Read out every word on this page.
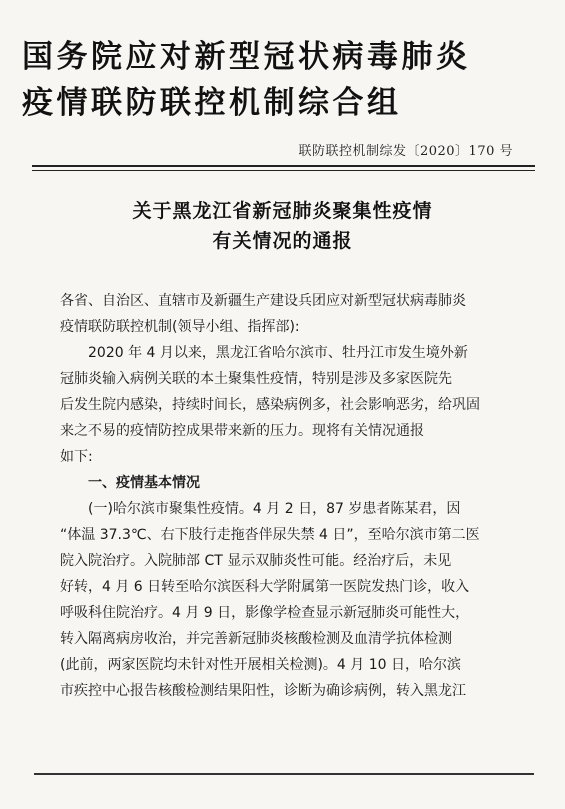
国务院应对新型冠状病毒肺炎
疫情联防联控机制综合组
联防联控机制综发〔2020〕170 号
关于黑龙江省新冠肺炎聚集性疫情
有关情况的通报
各省、自治区、直辖市及新疆生产建设兵团应对新型冠状病毒肺炎
疫情联防联控机制(领导小组、指挥部):
2020 年 4 月以来，黑龙江省哈尔滨市、牡丹江市发生境外新
冠肺炎输入病例关联的本土聚集性疫情，特别是涉及多家医院先
后发生院内感染，持续时间长，感染病例多，社会影响恶劣，给巩固
来之不易的疫情防控成果带来新的压力。现将有关情况通报
如下:
一、疫情基本情况
(一)哈尔滨市聚集性疫情。4 月 2 日，87 岁患者陈某君，因
“体温 37.3℃、右下肢行走拖沓伴尿失禁 4 日”，至哈尔滨市第二医
院入院治疗。入院肺部 CT 显示双肺炎性可能。经治疗后，未见
好转，4 月 6 日转至哈尔滨医科大学附属第一医院发热门诊，收入
呼吸科住院治疗。4 月 9 日，影像学检查显示新冠肺炎可能性大，
转入隔离病房收治，并完善新冠肺炎核酸检测及血清学抗体检测
(此前，两家医院均未针对性开展相关检测)。4 月 10 日，哈尔滨
市疾控中心报告核酸检测结果阳性，诊断为确诊病例，转入黑龙江
